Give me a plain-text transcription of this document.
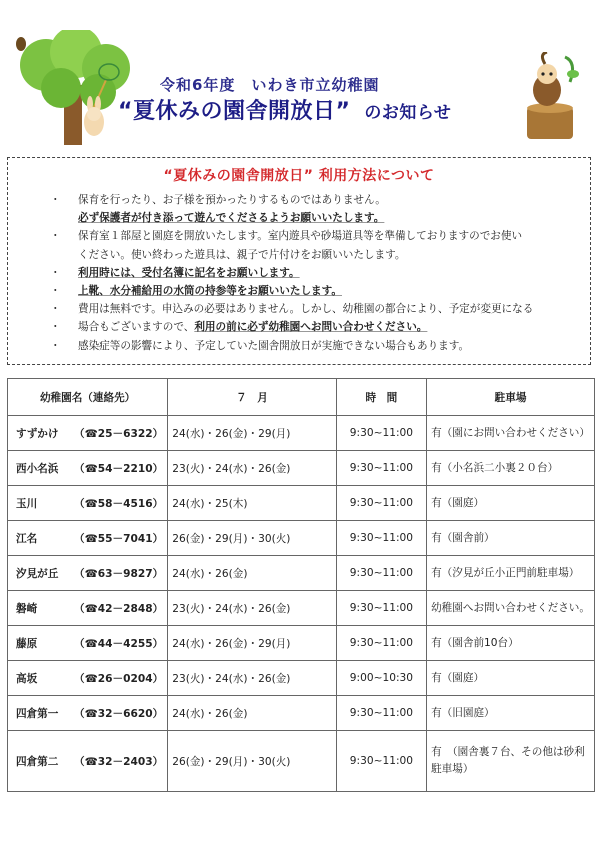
令和6年度　いわき市立幼稚園
“夏休みの園舎開放日” のお知らせ
“夏休みの園舎開放日” 利用方法について
・ 保育を行ったり、お子様を預かったりするものではありません。
必ず保護者が付き添って遊んでくださるようお願いいたします。
・ 保育室１部屋と園庭を開放いたします。室内遊具や砂場道具等を準備しておりますのでお使い
ください。使い終わった遊具は、親子で片付けをお願いいたします。
・ 利用時には、受付名簿に記名をお願いします。
・ 上靴、水分補給用の水筒の持参等をお願いいたします。
・ 費用は無料です。申込みの必要はありません。しかし、幼稚園の都合により、予定が変更になる
・ 場合もございますので、利用の前に必ず幼稚園へお問い合わせください。
・ 感染症等の影響により、予定していた園舎開放日が実施できない場合もあります。
幼稚園名（連絡先）	７　月	時　間	駐車場
すずかけ （☎25－6322）	24(水)・26(金)・29(月)	9:30~11:00	有（園にお問い合わせください）
西小名浜 （☎54－2210）	23(火)・24(水)・26(金)	9:30~11:00	有（小名浜二小裏２０台）
玉川 （☎58－4516）	24(水)・25(木)	9:30~11:00	有（園庭）
江名 （☎55－7041）	26(金)・29(月)・30(火)	9:30~11:00	有（園舎前）
汐見が丘 （☎63－9827）	24(水)・26(金)	9:30~11:00	有（汐見が丘小正門前駐車場）
磐崎 （☎42－2848）	23(火)・24(水)・26(金)	9:30~11:00	幼稚園へお問い合わせください。
藤原 （☎44－4255）	24(水)・26(金)・29(月)	9:30~11:00	有（園舎前10台）
高坂 （☎26－0204）	23(火)・24(水)・26(金)	9:00~10:30	有（園庭）
四倉第一 （☎32－6620）	24(水)・26(金)	9:30~11:00	有（旧園庭）
四倉第二 （☎32－2403）	26(金)・29(月)・30(火)	9:30~11:00	有　（園舎裏７台、その他は砂利駐車場）
